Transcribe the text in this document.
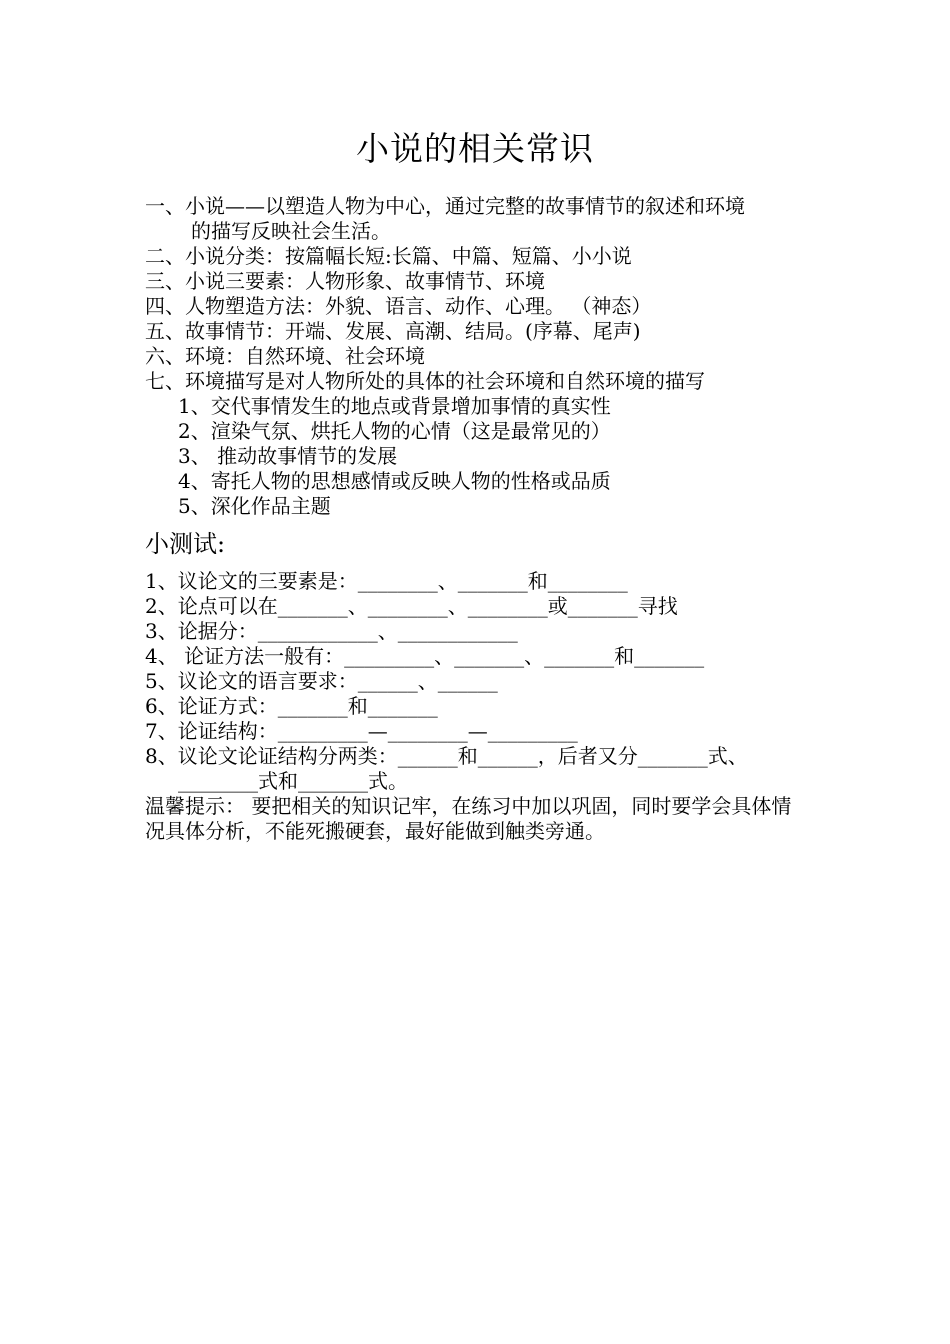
小说的相关常识
一、小说——以塑造人物为中心，通过完整的故事情节的叙述和环境
的描写反映社会生活。
二、小说分类：按篇幅长短:长篇、中篇、短篇、小小说
三、小说三要素：人物形象、故事情节、环境
四、人物塑造方法：外貌、语言、动作、心理。 （神态）
五、故事情节：开端、发展、高潮、结局。(序幕、尾声)
六、环境：自然环境、社会环境
七、环境描写是对人物所处的具体的社会环境和自然环境的描写
1、交代事情发生的地点或背景增加事情的真实性
2、渲染气氛、烘托人物的心情（这是最常见的）
3、 推动故事情节的发展
4、寄托人物的思想感情或反映人物的性格或品质
5、深化作品主题
小测试:
1、议论文的三要素是：________、_______和________
2、论点可以在_______、________、________或_______寻找
3、论据分：____________、____________
4、 论证方法一般有：_________、_______、_______和_______
5、议论文的语言要求：______、______
6、论证方式：_______和_______
7、论证结构：_________—________—_________
8、议论文论证结构分两类：______和______，后者又分_______式、
________式和_______式。
温馨提示： 要把相关的知识记牢，在练习中加以巩固，同时要学会具体情况具体分析，不能死搬硬套，最好能做到触类旁通。
